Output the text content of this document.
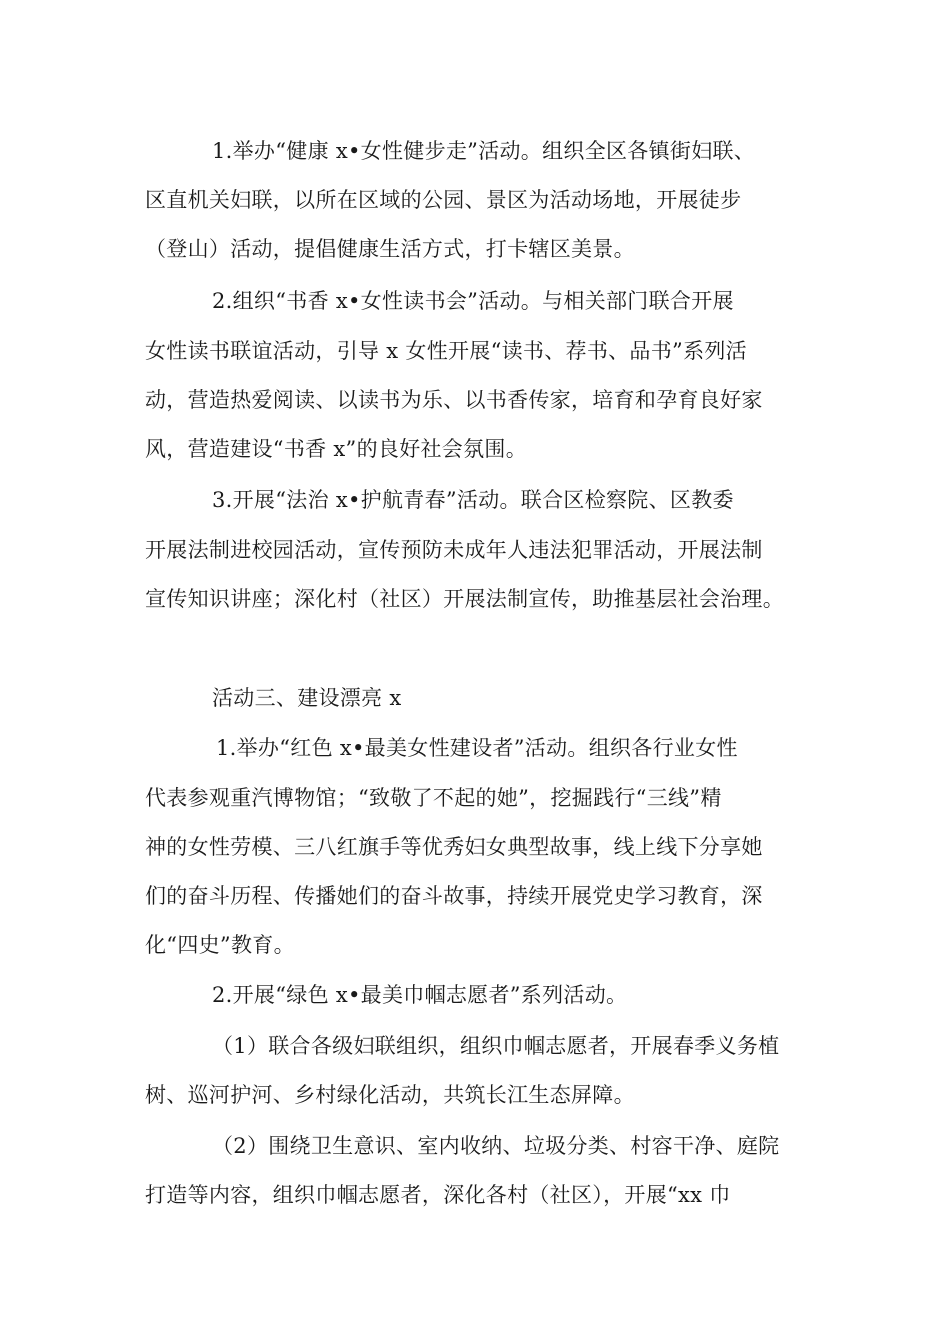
1.举办“健康 x•女性健步走”活动。组织全区各镇街妇联、
区直机关妇联，以所在区域的公园、景区为活动场地，开展徒步
（登山）活动，提倡健康生活方式，打卡辖区美景。
2.组织“书香 x•女性读书会”活动。与相关部门联合开展
女性读书联谊活动，引导 x 女性开展“读书、荐书、品书”系列活
动，营造热爱阅读、以读书为乐、以书香传家，培育和孕育良好家
风，营造建设“书香 x”的良好社会氛围。
3.开展“法治 x•护航青春”活动。联合区检察院、区教委
开展法制进校园活动，宣传预防未成年人违法犯罪活动，开展法制
宣传知识讲座；深化村（社区）开展法制宣传，助推基层社会治理。
活动三、建设漂亮 x
1.举办“红色 x•最美女性建设者”活动。组织各行业女性
代表参观重汽博物馆；“致敬了不起的她”，挖掘践行“三线”精
神的女性劳模、三八红旗手等优秀妇女典型故事，线上线下分享她
们的奋斗历程、传播她们的奋斗故事，持续开展党史学习教育，深
化“四史”教育。
2.开展“绿色 x•最美巾帼志愿者”系列活动。
（1）联合各级妇联组织，组织巾帼志愿者，开展春季义务植
树、巡河护河、乡村绿化活动，共筑长江生态屏障。
（2）围绕卫生意识、室内收纳、垃圾分类、村容干净、庭院
打造等内容，组织巾帼志愿者，深化各村（社区），开展“xx 巾
